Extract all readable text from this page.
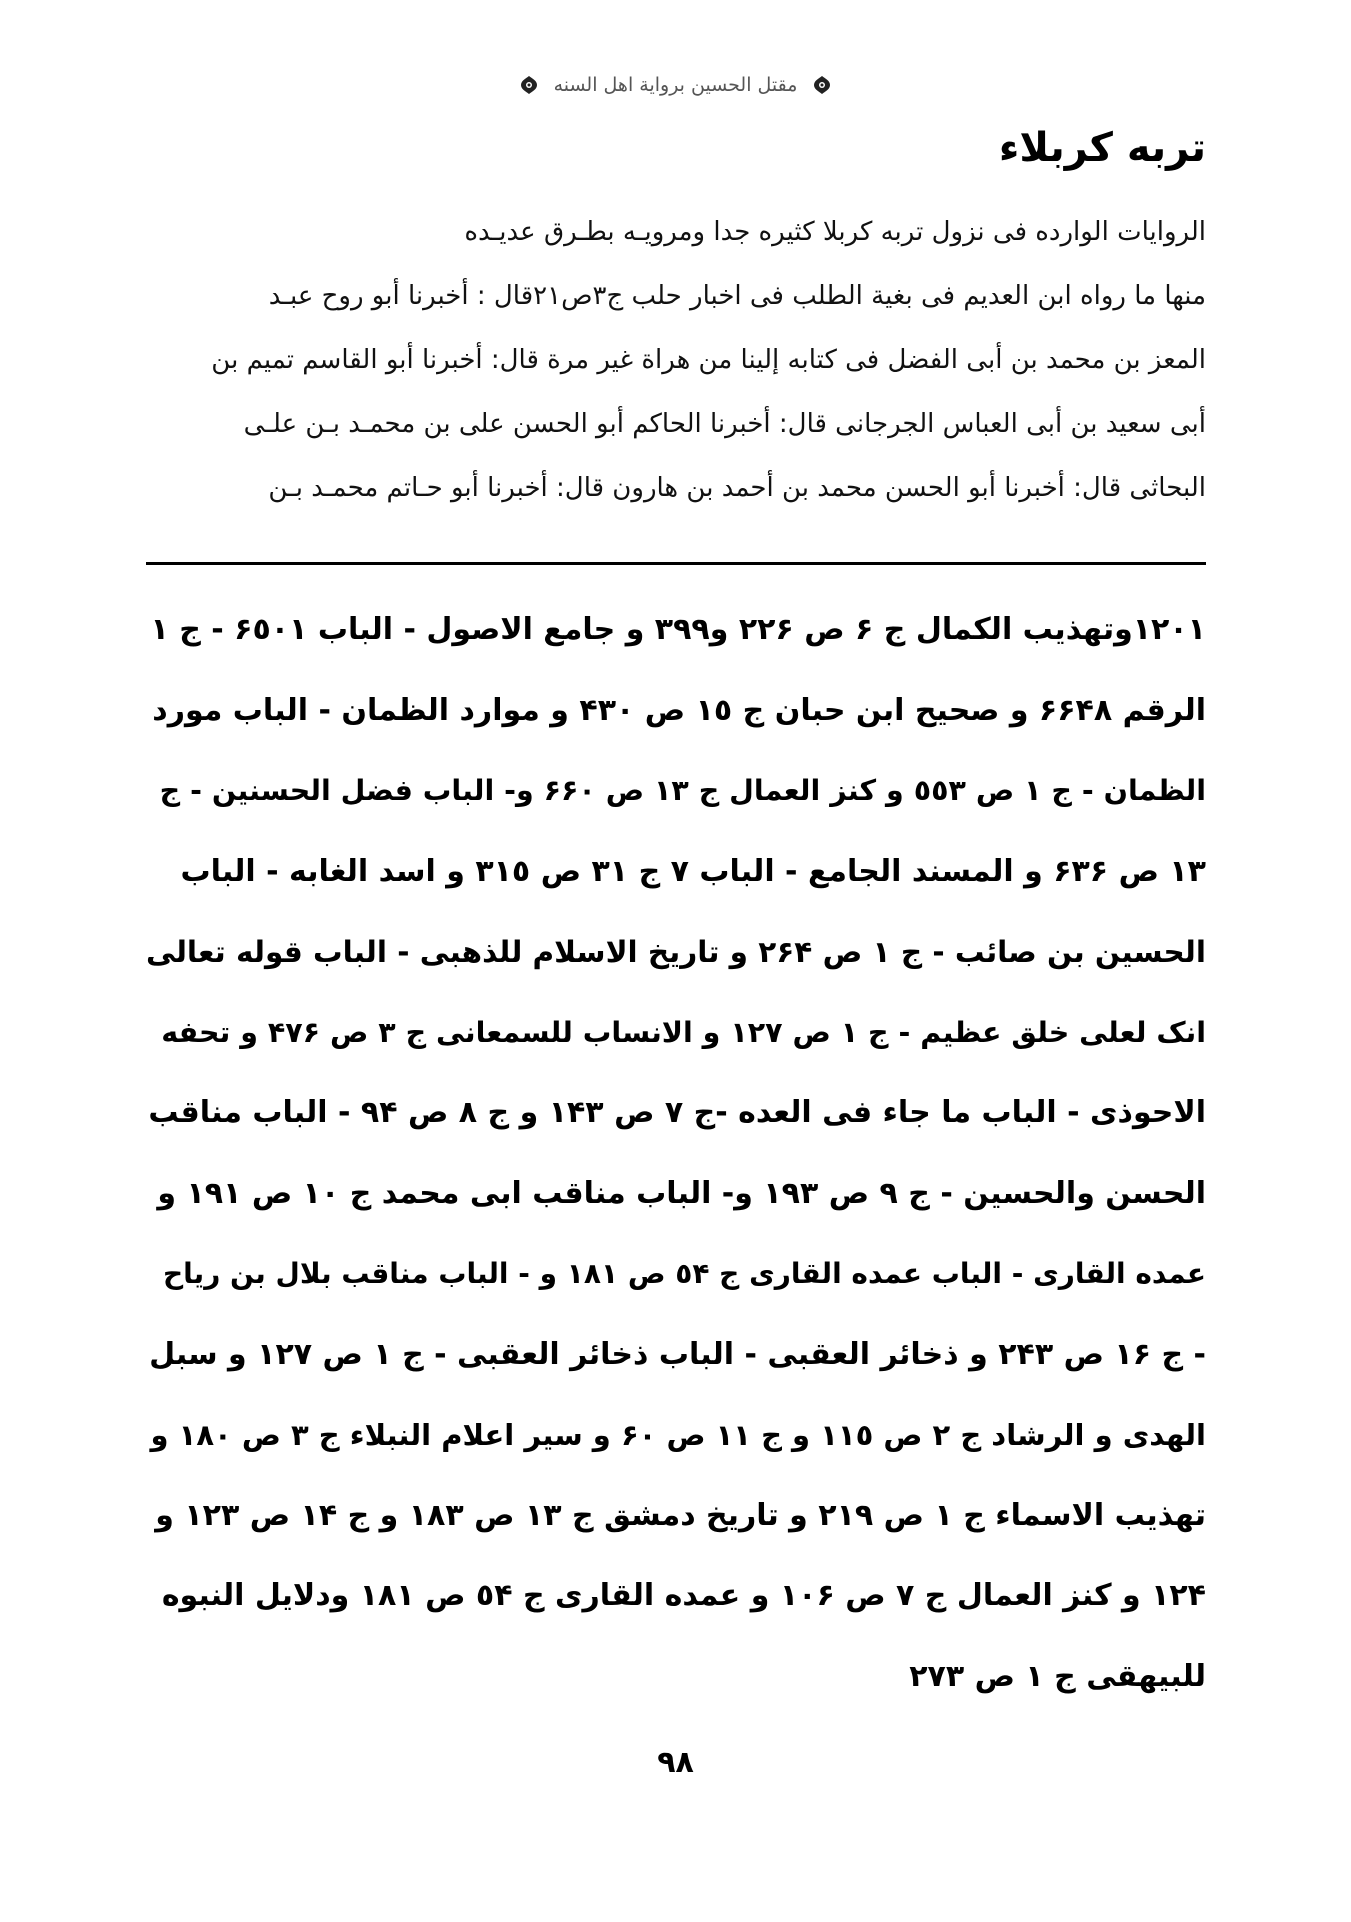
مقتل الحسين برواية اهل السنه
تربه كربلاء
الروايات الوارده فى نزول تربه كربلا كثيره جدا ومرويـه بطـرق عديـده
منها ما رواه ابن العديم فى بغية الطلب فى اخبار حلب ج٣ص٢١قال : أخبرنا أبو روح عبـد
المعز بن محمد بن أبى الفضل فى كتابه إلينا من هراة غير مرة قال: أخبرنا أبو القاسم تميم بن
أبى سعيد بن أبى العباس الجرجانى قال: أخبرنا الحاكم أبو الحسن على بن محمـد بـن علـى
البحاثى قال: أخبرنا أبو الحسن محمد بن أحمد بن هارون قال: أخبرنا أبو حـاتم محمـد بـن
١٢٠١وتهذيب الكمال ج ۶ ص ٢٢۶ و٣٩٩ و جامع الاصول - الباب ۶٥٠١ - ج ١
الرقم ۶۶۴٨ و صحيح ابن حبان ج ١٥ ص ۴٣٠ و موارد الظمان - الباب مورد
الظمان - ج ١ ص ٥٥٣ و كنز العمال ج ١٣ ص ۶۶٠ و- الباب فضل الحسنين - ج
١٣ ص ۶٣۶ و المسند الجامع - الباب ٧ ج ٣١ ص ٣١٥ و اسد الغابه - الباب
الحسين بن صائب - ج ١ ص ٢۶۴ و تاريخ الاسلام للذهبى - الباب قوله تعالى
انک لعلى خلق عظيم - ج ١ ص ١٢٧ و الانساب للسمعانى ج ٣ ص ۴٧۶ و تحفه
الاحوذى - الباب ما جاء فى العده -ج ٧ ص ١۴٣ و ج ٨ ص ٩۴ - الباب مناقب
الحسن والحسين - ج ٩ ص ١٩٣ و- الباب مناقب ابى محمد ج ١٠ ص ١٩١ و
عمده القارى - الباب عمده القارى ج ٥۴ ص ١٨١ و - الباب مناقب بلال بن رياح
- ج ١۶ ص ٢۴٣ و ذخائر العقبى - الباب ذخائر العقبى - ج ١ ص ١٢٧ و سبل
الهدى و الرشاد ج ٢ ص ١١٥ و ج ١١ ص ۶٠ و سير اعلام النبلاء ج ٣ ص ١٨٠ و
تهذيب الاسماء ج ١ ص ٢١٩ و تاريخ دمشق ج ١٣ ص ١٨٣ و ج ١۴ ص ١٢٣ و
١٢۴ و كنز العمال ج ٧ ص ١٠۶ و عمده القارى ج ٥۴ ص ١٨١ ودلايل النبوه
للبيهقى ج ١ ص ٢٧٣
٩٨
